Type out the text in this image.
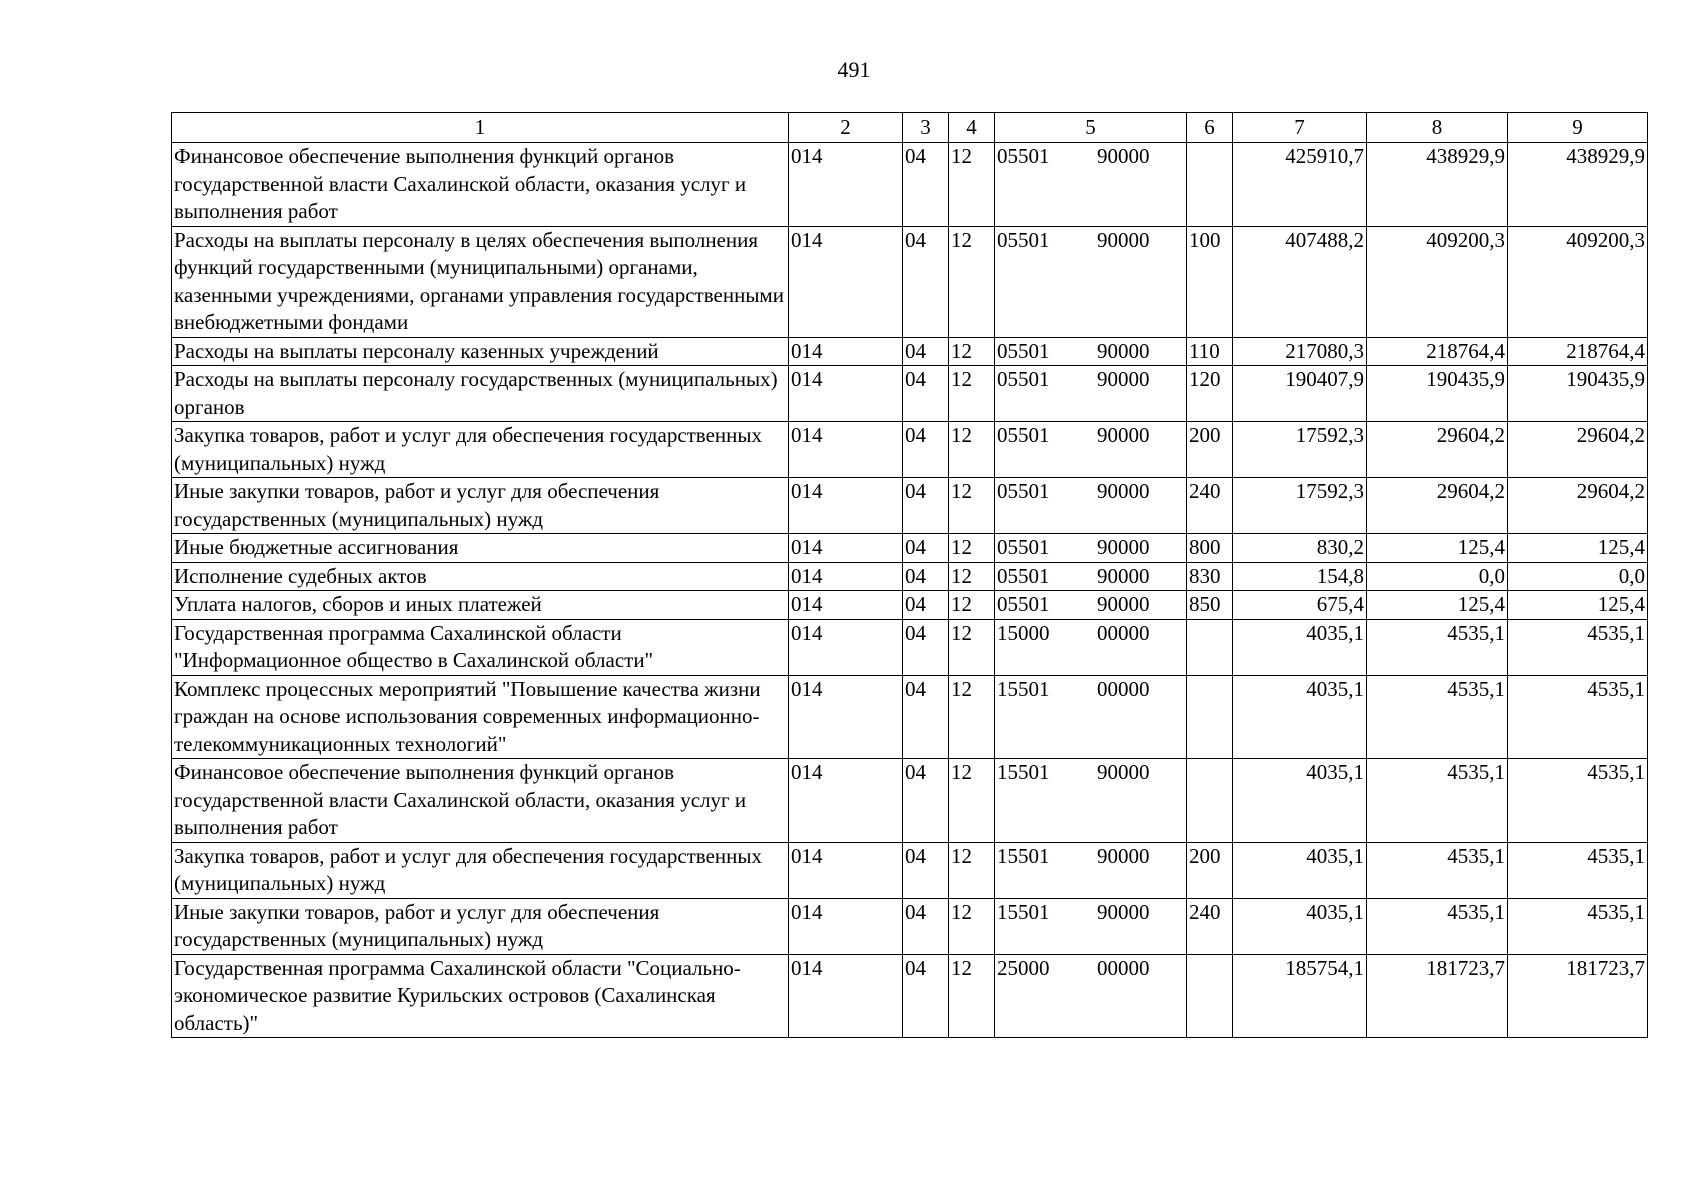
491
1	2	3	4	5	6	7	8	9
Финансовое обеспечение выполнения функций органов государственной власти Сахалинской области, оказания услуг и выполнения работ	014	04	12	05501 90000		425910,7	438929,9	438929,9
Расходы на выплаты персоналу в целях обеспечения выполнения функций государственными (муниципальными) органами, казенными учреждениями, органами управления государственными внебюджетными фондами	014	04	12	05501 90000	100	407488,2	409200,3	409200,3
Расходы на выплаты персоналу казенных учреждений	014	04	12	05501 90000	110	217080,3	218764,4	218764,4
Расходы на выплаты персоналу государственных (муниципальных) органов	014	04	12	05501 90000	120	190407,9	190435,9	190435,9
Закупка товаров, работ и услуг для обеспечения государственных (муниципальных) нужд	014	04	12	05501 90000	200	17592,3	29604,2	29604,2
Иные закупки товаров, работ и услуг для обеспечения государственных (муниципальных) нужд	014	04	12	05501 90000	240	17592,3	29604,2	29604,2
Иные бюджетные ассигнования	014	04	12	05501 90000	800	830,2	125,4	125,4
Исполнение судебных актов	014	04	12	05501 90000	830	154,8	0,0	0,0
Уплата налогов, сборов и иных платежей	014	04	12	05501 90000	850	675,4	125,4	125,4
Государственная программа Сахалинской области "Информационное общество в Сахалинской области"	014	04	12	15000 00000		4035,1	4535,1	4535,1
Комплекс процессных мероприятий "Повышение качества жизни граждан на основе использования современных информационно-телекоммуникационных технологий"	014	04	12	15501 00000		4035,1	4535,1	4535,1
Финансовое обеспечение выполнения функций органов государственной власти Сахалинской области, оказания услуг и выполнения работ	014	04	12	15501 90000		4035,1	4535,1	4535,1
Закупка товаров, работ и услуг для обеспечения государственных (муниципальных) нужд	014	04	12	15501 90000	200	4035,1	4535,1	4535,1
Иные закупки товаров, работ и услуг для обеспечения государственных (муниципальных) нужд	014	04	12	15501 90000	240	4035,1	4535,1	4535,1
Государственная программа Сахалинской области "Социально-экономическое развитие Курильских островов (Сахалинская область)"	014	04	12	25000 00000		185754,1	181723,7	181723,7
